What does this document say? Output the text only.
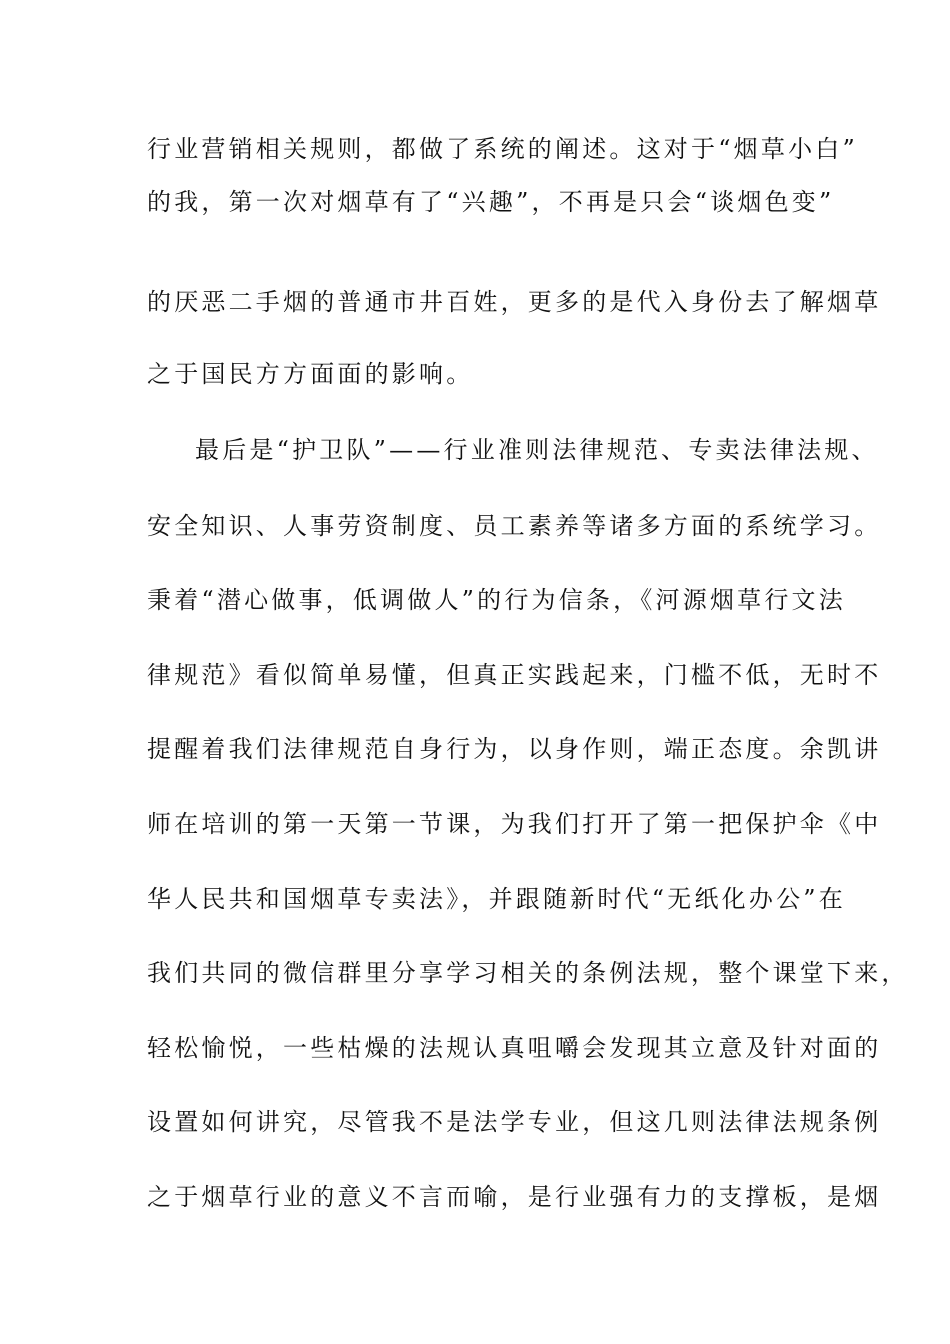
行业营销相关规则，都做了系统的阐述。这对于“烟草小白”
的我，第一次对烟草有了“兴趣”，不再是只会“谈烟色变”
的厌恶二手烟的普通市井百姓，更多的是代入身份去了解烟草
之于国民方方面面的影响。
最后是“护卫队”——行业准则法律规范、专卖法律法规、
安全知识、人事劳资制度、员工素养等诸多方面的系统学习。
秉着“潜心做事，低调做人”的行为信条，《河源烟草行文法
律规范》看似简单易懂，但真正实践起来，门槛不低，无时不
提醒着我们法律规范自身行为，以身作则，端正态度。余凯讲
师在培训的第一天第一节课，为我们打开了第一把保护伞《中
华人民共和国烟草专卖法》，并跟随新时代“无纸化办公”在
我们共同的微信群里分享学习相关的条例法规，整个课堂下来，
轻松愉悦，一些枯燥的法规认真咀嚼会发现其立意及针对面的
设置如何讲究，尽管我不是法学专业，但这几则法律法规条例
之于烟草行业的意义不言而喻，是行业强有力的支撑板，是烟
